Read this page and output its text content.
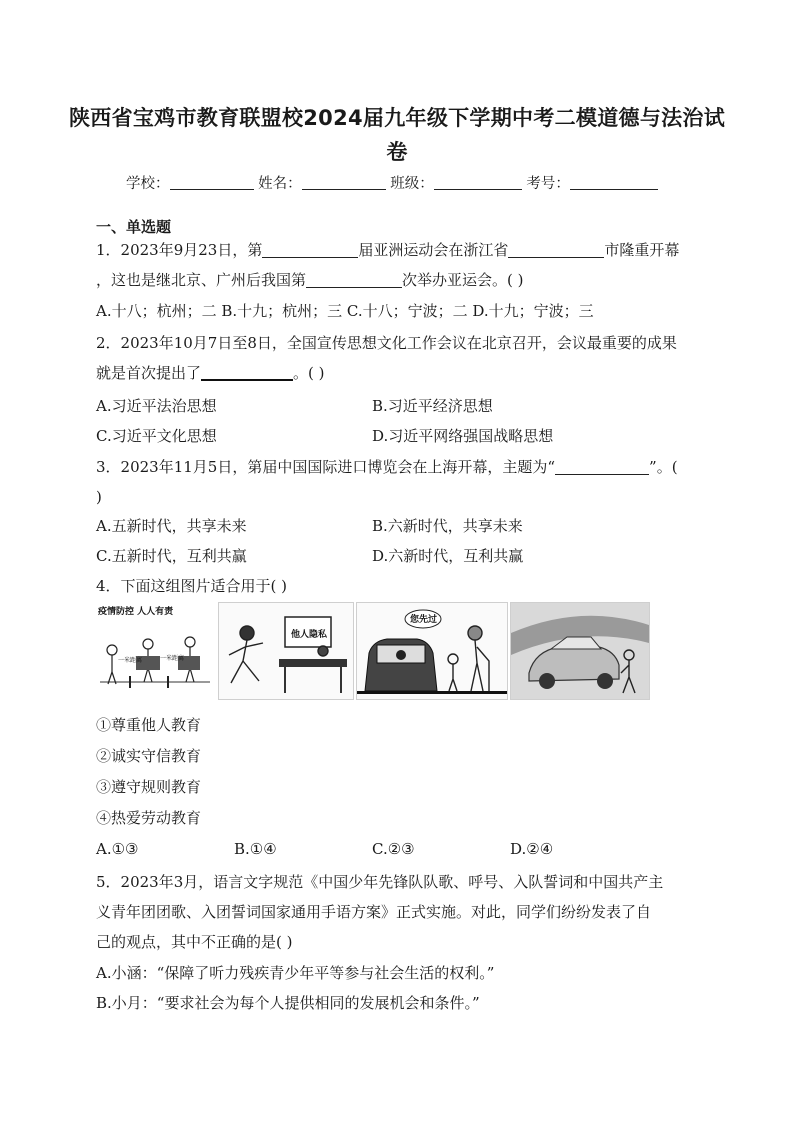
陕西省宝鸡市教育联盟校2024届九年级下学期中考二模道德与法治试
卷
学校：	姓名：	班级：	考号：
一、单选题
1．2023年9月23日，第	届亚洲运动会在浙江省	市隆重开幕
，这也是继北京、广州后我国第	次举办亚运会。( )
A.十八；杭州；二 B.十九；杭州；三 C.十八；宁波；二 D.十九；宁波；三
2．2023年10月7日至8日，全国宣传思想文化工作会议在北京召开，会议最重要的成果
就是首次提出了	。( )
A.习近平法治思想	B.习近平经济思想
C.习近平文化思想	D.习近平网络强国战略思想
3．2023年11月5日，第届中国国际进口博览会在上海开幕，主题为“	”。(
)
A.五新时代，共享未来	B.六新时代，共享未来
C.五新时代，互利共赢	D.六新时代，互利共赢
4．下面这组图片适合用于( )
疫情防控 人人有责
一米距离	一米距离
他人隐私
您先过
①尊重他人教育
②诚实守信教育
③遵守规则教育
④热爱劳动教育
A.①③	B.①④	C.②③	D.②④
5．2023年3月，语言文字规范《中国少年先锋队队歌、呼号、入队誓词和中国共产主
义青年团团歌、入团誓词国家通用手语方案》正式实施。对此，同学们纷纷发表了自
己的观点，其中不正确的是( )
A.小涵：“保障了听力残疾青少年平等参与社会生活的权利。”
B.小月：“要求社会为每个人提供相同的发展机会和条件。”
